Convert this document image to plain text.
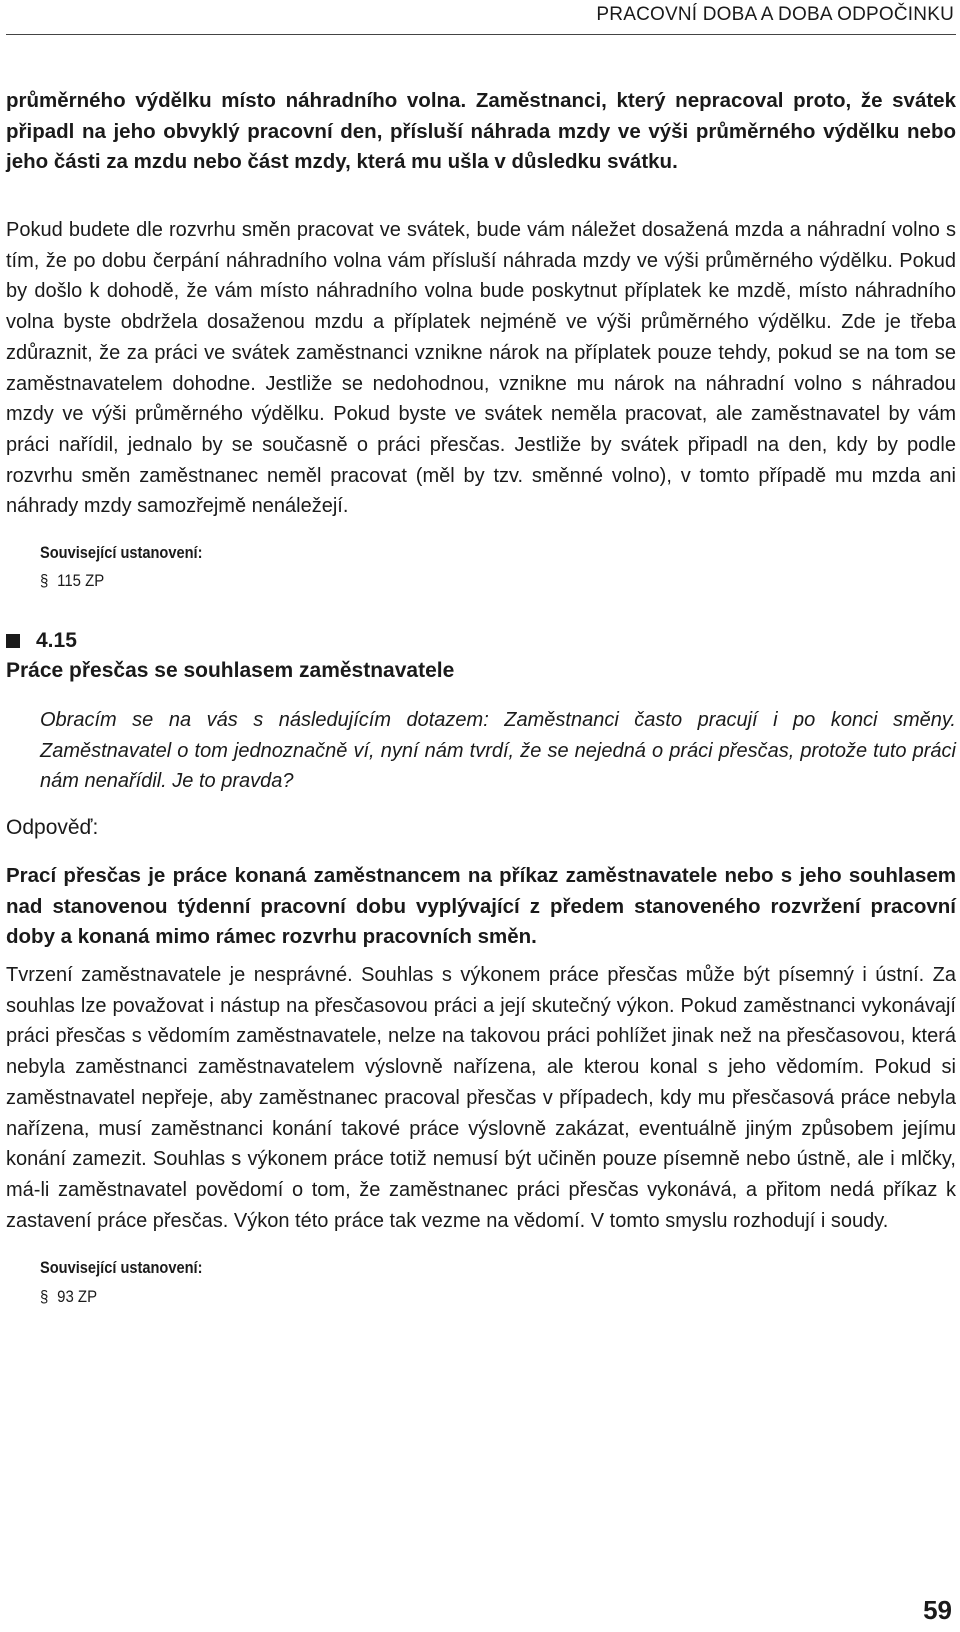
PRACOVNÍ DOBA A DOBA ODPOČINKU

průměrného výdělku místo náhradního volna. Zaměstnanci, který nepracoval proto, že svátek připadl na jeho obvyklý pracovní den, přísluší náhrada mzdy ve výši průměrného výdělku nebo jeho části za mzdu nebo část mzdy, která mu ušla v důsledku svátku.

Pokud budete dle rozvrhu směn pracovat ve svátek, bude vám náležet dosažená mzda a náhradní volno s tím, že po dobu čerpání náhradního volna vám přísluší náhrada mzdy ve výši průměrného výdělku. Pokud by došlo k dohodě, že vám místo náhradního volna bude poskytnut příplatek ke mzdě, místo náhradního volna byste obdržela dosaženou mzdu a příplatek nejméně ve výši průměrného výdělku. Zde je třeba zdůraznit, že za práci ve svátek zaměstnanci vznikne nárok na příplatek pouze tehdy, pokud se na tom se zaměstnavatelem dohodne. Jestliže se nedohodnou, vznikne mu nárok na náhradní volno s náhradou mzdy ve výši průměrného výdělku. Pokud byste ve svátek neměla pracovat, ale zaměstnavatel by vám práci nařídil, jednalo by se současně o práci přesčas. Jestliže by svátek připadl na den, kdy by podle rozvrhu směn zaměstnanec neměl pracovat (měl by tzv. směnné volno), v tomto případě mu mzda ani náhrady mzdy samozřejmě nenáležejí.

Související ustanovení:
§ 115 ZP
4.15
Práce přesčas se souhlasem zaměstnavatele

Obracím se na vás s následujícím dotazem: Zaměstnanci často pracují i po konci směny. Zaměstnavatel o tom jednoznačně ví, nyní nám tvrdí, že se nejedná o práci přesčas, protože tuto práci nám nenařídil. Je to pravda?

Odpověď:

Prací přesčas je práce konaná zaměstnancem na příkaz zaměstnavatele nebo s jeho souhlasem nad stanovenou týdenní pracovní dobu vyplývající z předem stanoveného rozvržení pracovní doby a konaná mimo rámec rozvrhu pracovních směn.

Tvrzení zaměstnavatele je nesprávné. Souhlas s výkonem práce přesčas může být písemný i ústní. Za souhlas lze považovat i nástup na přesčasovou práci a její skutečný výkon. Pokud zaměstnanci vykonávají práci přesčas s vědomím zaměstnavatele, nelze na takovou práci pohlížet jinak než na přesčasovou, která nebyla zaměstnanci zaměstnavatelem výslovně nařízena, ale kterou konal s jeho vědomím. Pokud si zaměstnavatel nepřeje, aby zaměstnanec pracoval přesčas v případech, kdy mu přesčasová práce nebyla nařízena, musí zaměstnanci konání takové práce výslovně zakázat, eventuálně jiným způsobem jejímu konání zamezit. Souhlas s výkonem práce totiž nemusí být učiněn pouze písemně nebo ústně, ale i mlčky, má-li zaměstnavatel povědomí o tom, že zaměstnanec práci přesčas vykonává, a přitom nedá příkaz k zastavení práce přesčas. Výkon této práce tak vezme na vědomí. V tomto smyslu rozhodují i soudy.

Související ustanovení:
§ 93 ZP
59
